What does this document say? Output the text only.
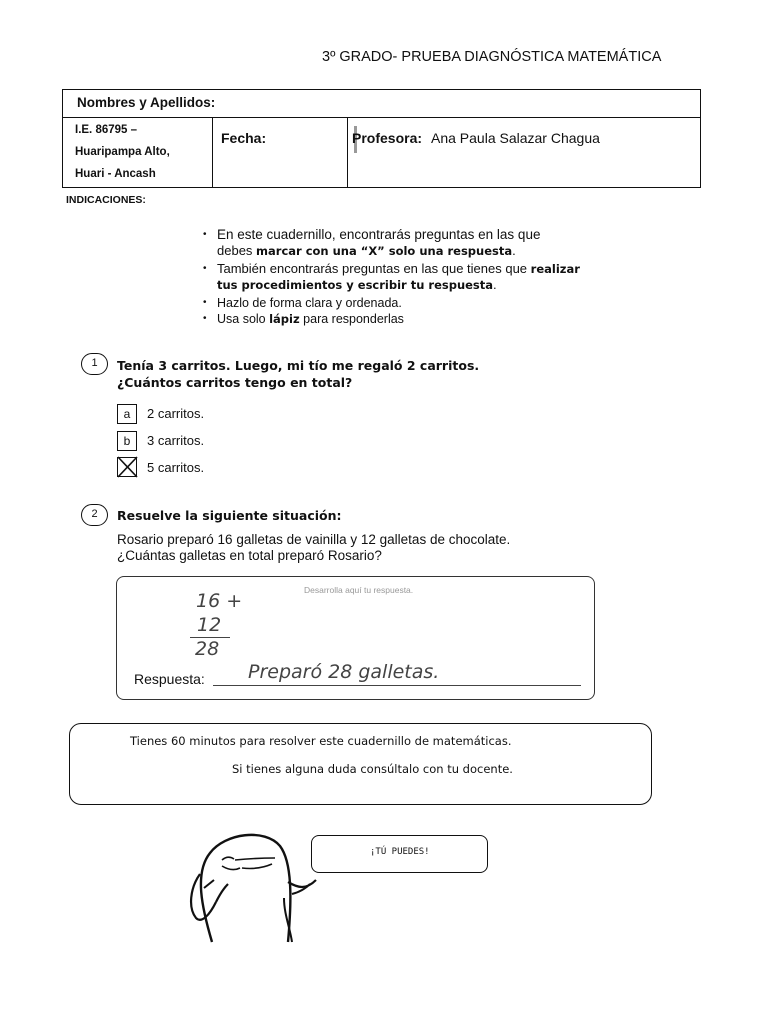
3º GRADO- PRUEBA DIAGNÓSTICA MATEMÁTICA
Nombres y Apellidos:
I.E. 86795 –
Huaripampa Alto,
Huari - Ancash
Fecha:	Profesora: Ana Paula Salazar Chagua
INDICACIONES:
• En este cuadernillo, encontrarás preguntas en las que
debes marcar con una “X” solo una respuesta.
• También encontrarás preguntas en las que tienes que realizar
tus procedimientos y escribir tu respuesta.
• Hazlo de forma clara y ordenada.
• Usa solo lápiz para responderlas
1	Tenía 3 carritos. Luego, mi tío me regaló 2 carritos.
¿Cuántos carritos tengo en total?
a	2 carritos.
b	3 carritos.
5 carritos.
2	Resuelve la siguiente situación:
Rosario preparó 16 galletas de vainilla y 12 galletas de chocolate.
¿Cuántas galletas en total preparó Rosario?
Desarrolla aquí tu respuesta.
16 +
12
28
Respuesta: Preparó 28 galletas.
Tienes 60 minutos para resolver este cuadernillo de matemáticas.
Si tienes alguna duda consúltalo con tu docente.
¡TÚ PUEDES!
